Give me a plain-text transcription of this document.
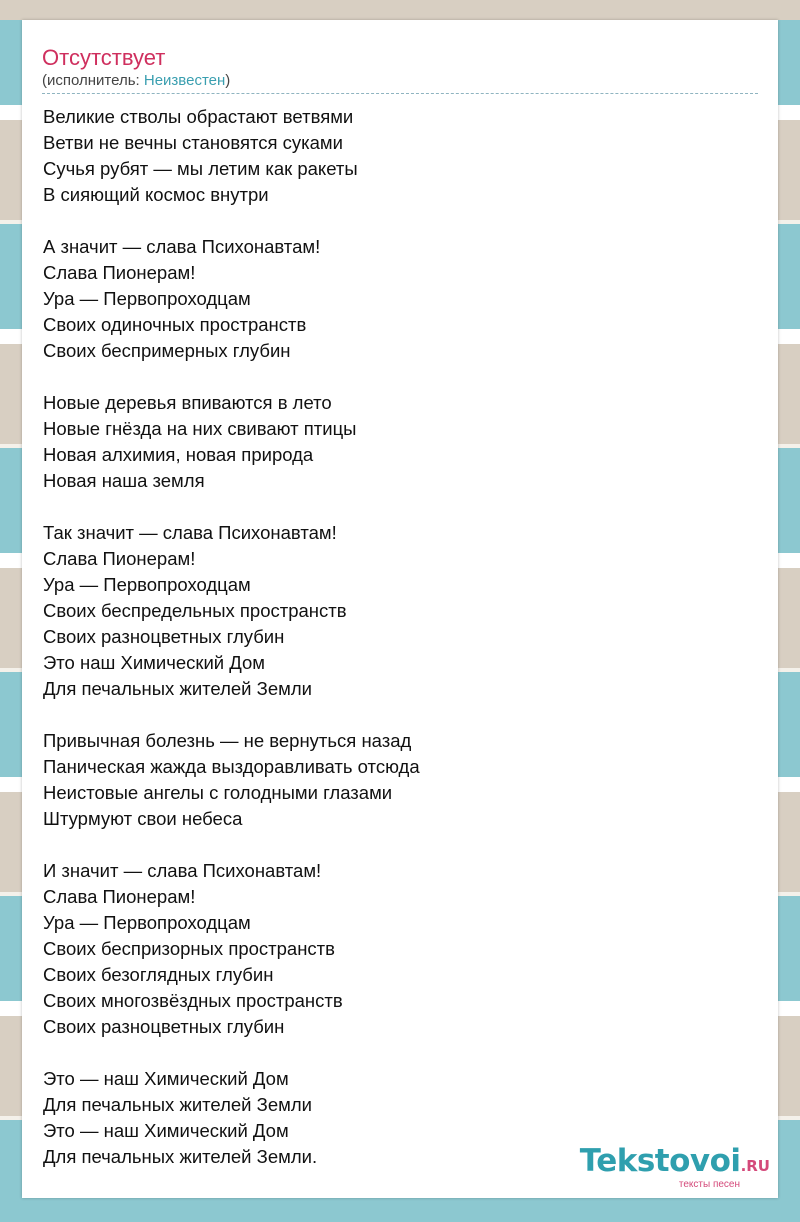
Отсутствует
(исполнитель: Неизвестен)
Великие стволы обрастают ветвями
Ветви не вечны становятся суками
Сучья рубят — мы летим как ракеты
В сияющий космос внутри
А значит — слава Психонавтам!
Слава Пионерам!
Ура — Первопроходцам
Своих одиночных пространств
Своих беспримерных глубин
Новые деревья впиваются в лето
Новые гнёзда на них свивают птицы
Новая алхимия, новая природа
Новая наша земля
Так значит — слава Психонавтам!
Слава Пионерам!
Ура — Первопроходцам
Своих беспредельных пространств
Своих разноцветных глубин
Это наш Химический Дом
Для печальных жителей Земли
Привычная болезнь — не вернуться назад
Паническая жажда выздоравливать отсюда
Неистовые ангелы с голодными глазами
Штурмуют свои небеса
И значит — слава Психонавтам!
Слава Пионерам!
Ура — Первопроходцам
Своих беспризорных пространств
Своих безоглядных глубин
Своих многозвёздных пространств
Своих разноцветных глубин
Это — наш Химический Дом
Для печальных жителей Земли
Это — наш Химический Дом
Для печальных жителей Земли.	Tekstovoi.RU
тексты песен
